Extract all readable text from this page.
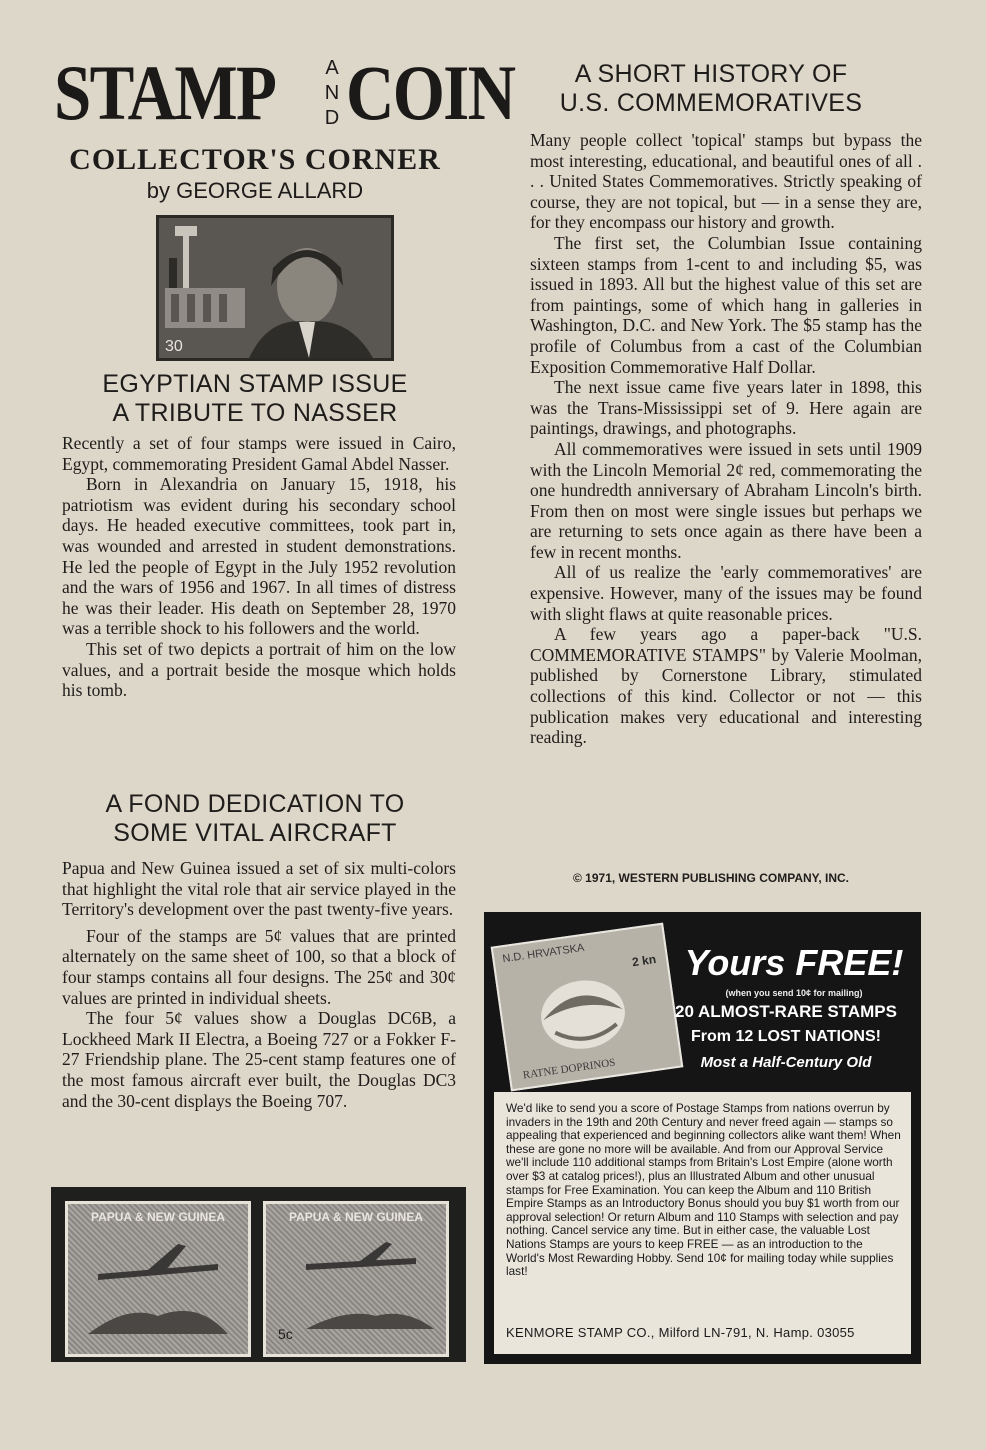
STAMP	A
N
D COIN
COLLECTOR'S CORNER
by GEORGE ALLARD
30
EGYPTIAN STAMP ISSUE
A TRIBUTE TO NASSER

Recently a set of four stamps were issued in Cairo, Egypt, commemorating President Gamal Abdel Nasser.

Born in Alexandria on January 15, 1918, his patriotism was evident during his secondary school days. He headed executive committees, took part in, was wounded and arrested in student demonstrations. He led the people of Egypt in the July 1952 revolution and the wars of 1956 and 1967. In all times of distress he was their leader. His death on September 28, 1970 was a terrible shock to his followers and the world.

This set of two depicts a portrait of him on the low values, and a portrait beside the mosque which holds his tomb.

A FOND DEDICATION TO
SOME VITAL AIRCRAFT

Papua and New Guinea issued a set of six multi-colors that highlight the vital role that air service played in the Territory's development over the past twenty-five years.

Four of the stamps are 5¢ values that are printed alternately on the same sheet of 100, so that a block of four stamps contains all four designs. The 25¢ and 30¢ values are printed in individual sheets.

The four 5¢ values show a Douglas DC6B, a Lockheed Mark II Electra, a Boeing 727 or a Fokker F-27 Friendship plane. The 25-cent stamp features one of the most famous aircraft ever built, the Douglas DC3 and the 30-cent displays the Boeing 707.

PAPUA & NEW GUINEA	PAPUA & NEW GUINEA
5c
A SHORT HISTORY OF
U.S. COMMEMORATIVES

Many people collect 'topical' stamps but bypass the most interesting, educational, and beautiful ones of all . . . United States Commemoratives. Strictly speaking of course, they are not topical, but — in a sense they are, for they encompass our history and growth.

The first set, the Columbian Issue containing sixteen stamps from 1-cent to and including $5, was issued in 1893. All but the highest value of this set are from paintings, some of which hang in galleries in Washington, D.C. and New York. The $5 stamp has the profile of Columbus from a cast of the Columbian Exposition Commemorative Half Dollar.

The next issue came five years later in 1898, this was the Trans-Mississippi set of 9. Here again are paintings, drawings, and photographs.

All commemoratives were issued in sets until 1909 with the Lincoln Memorial 2¢ red, commemorating the one hundredth anniversary of Abraham Lincoln's birth. From then on most were single issues but perhaps we are returning to sets once again as there have been a few in recent months.

All of us realize the 'early commemoratives' are expensive. However, many of the issues may be found with slight flaws at quite reasonable prices.

A few years ago a paper-back "U.S. COMMEMORATIVE STAMPS" by Valerie Moolman, published by Cornerstone Library, stimulated collections of this kind. Collector or not — this publication makes very educational and interesting reading.

© 1971, WESTERN PUBLISHING COMPANY, INC.
N.D. HRVATSKA	2 kn
RATNE DOPRINOS
Yours FREE!
(when you send 10¢ for mailing)
20 ALMOST-RARE STAMPS
From 12 LOST NATIONS!
Most a Half-Century Old

We'd like to send you a score of Postage Stamps from nations overrun by invaders in the 19th and 20th Century and never freed again — stamps so appealing that experienced and beginning collectors alike want them! When these are gone no more will be available. And from our Approval Service we'll include 110 additional stamps from Britain's Lost Empire (alone worth over $3 at catalog prices!), plus an Illustrated Album and other unusual stamps for Free Examination. You can keep the Album and 110 British Empire Stamps as an Introductory Bonus should you buy $1 worth from our approval selection! Or return Album and 110 Stamps with selection and pay nothing. Cancel service any time. But in either case, the valuable Lost Nations Stamps are yours to keep FREE — as an introduction to the World's Most Rewarding Hobby. Send 10¢ for mailing today while supplies last!

KENMORE STAMP CO., Milford LN-791, N. Hamp. 03055
